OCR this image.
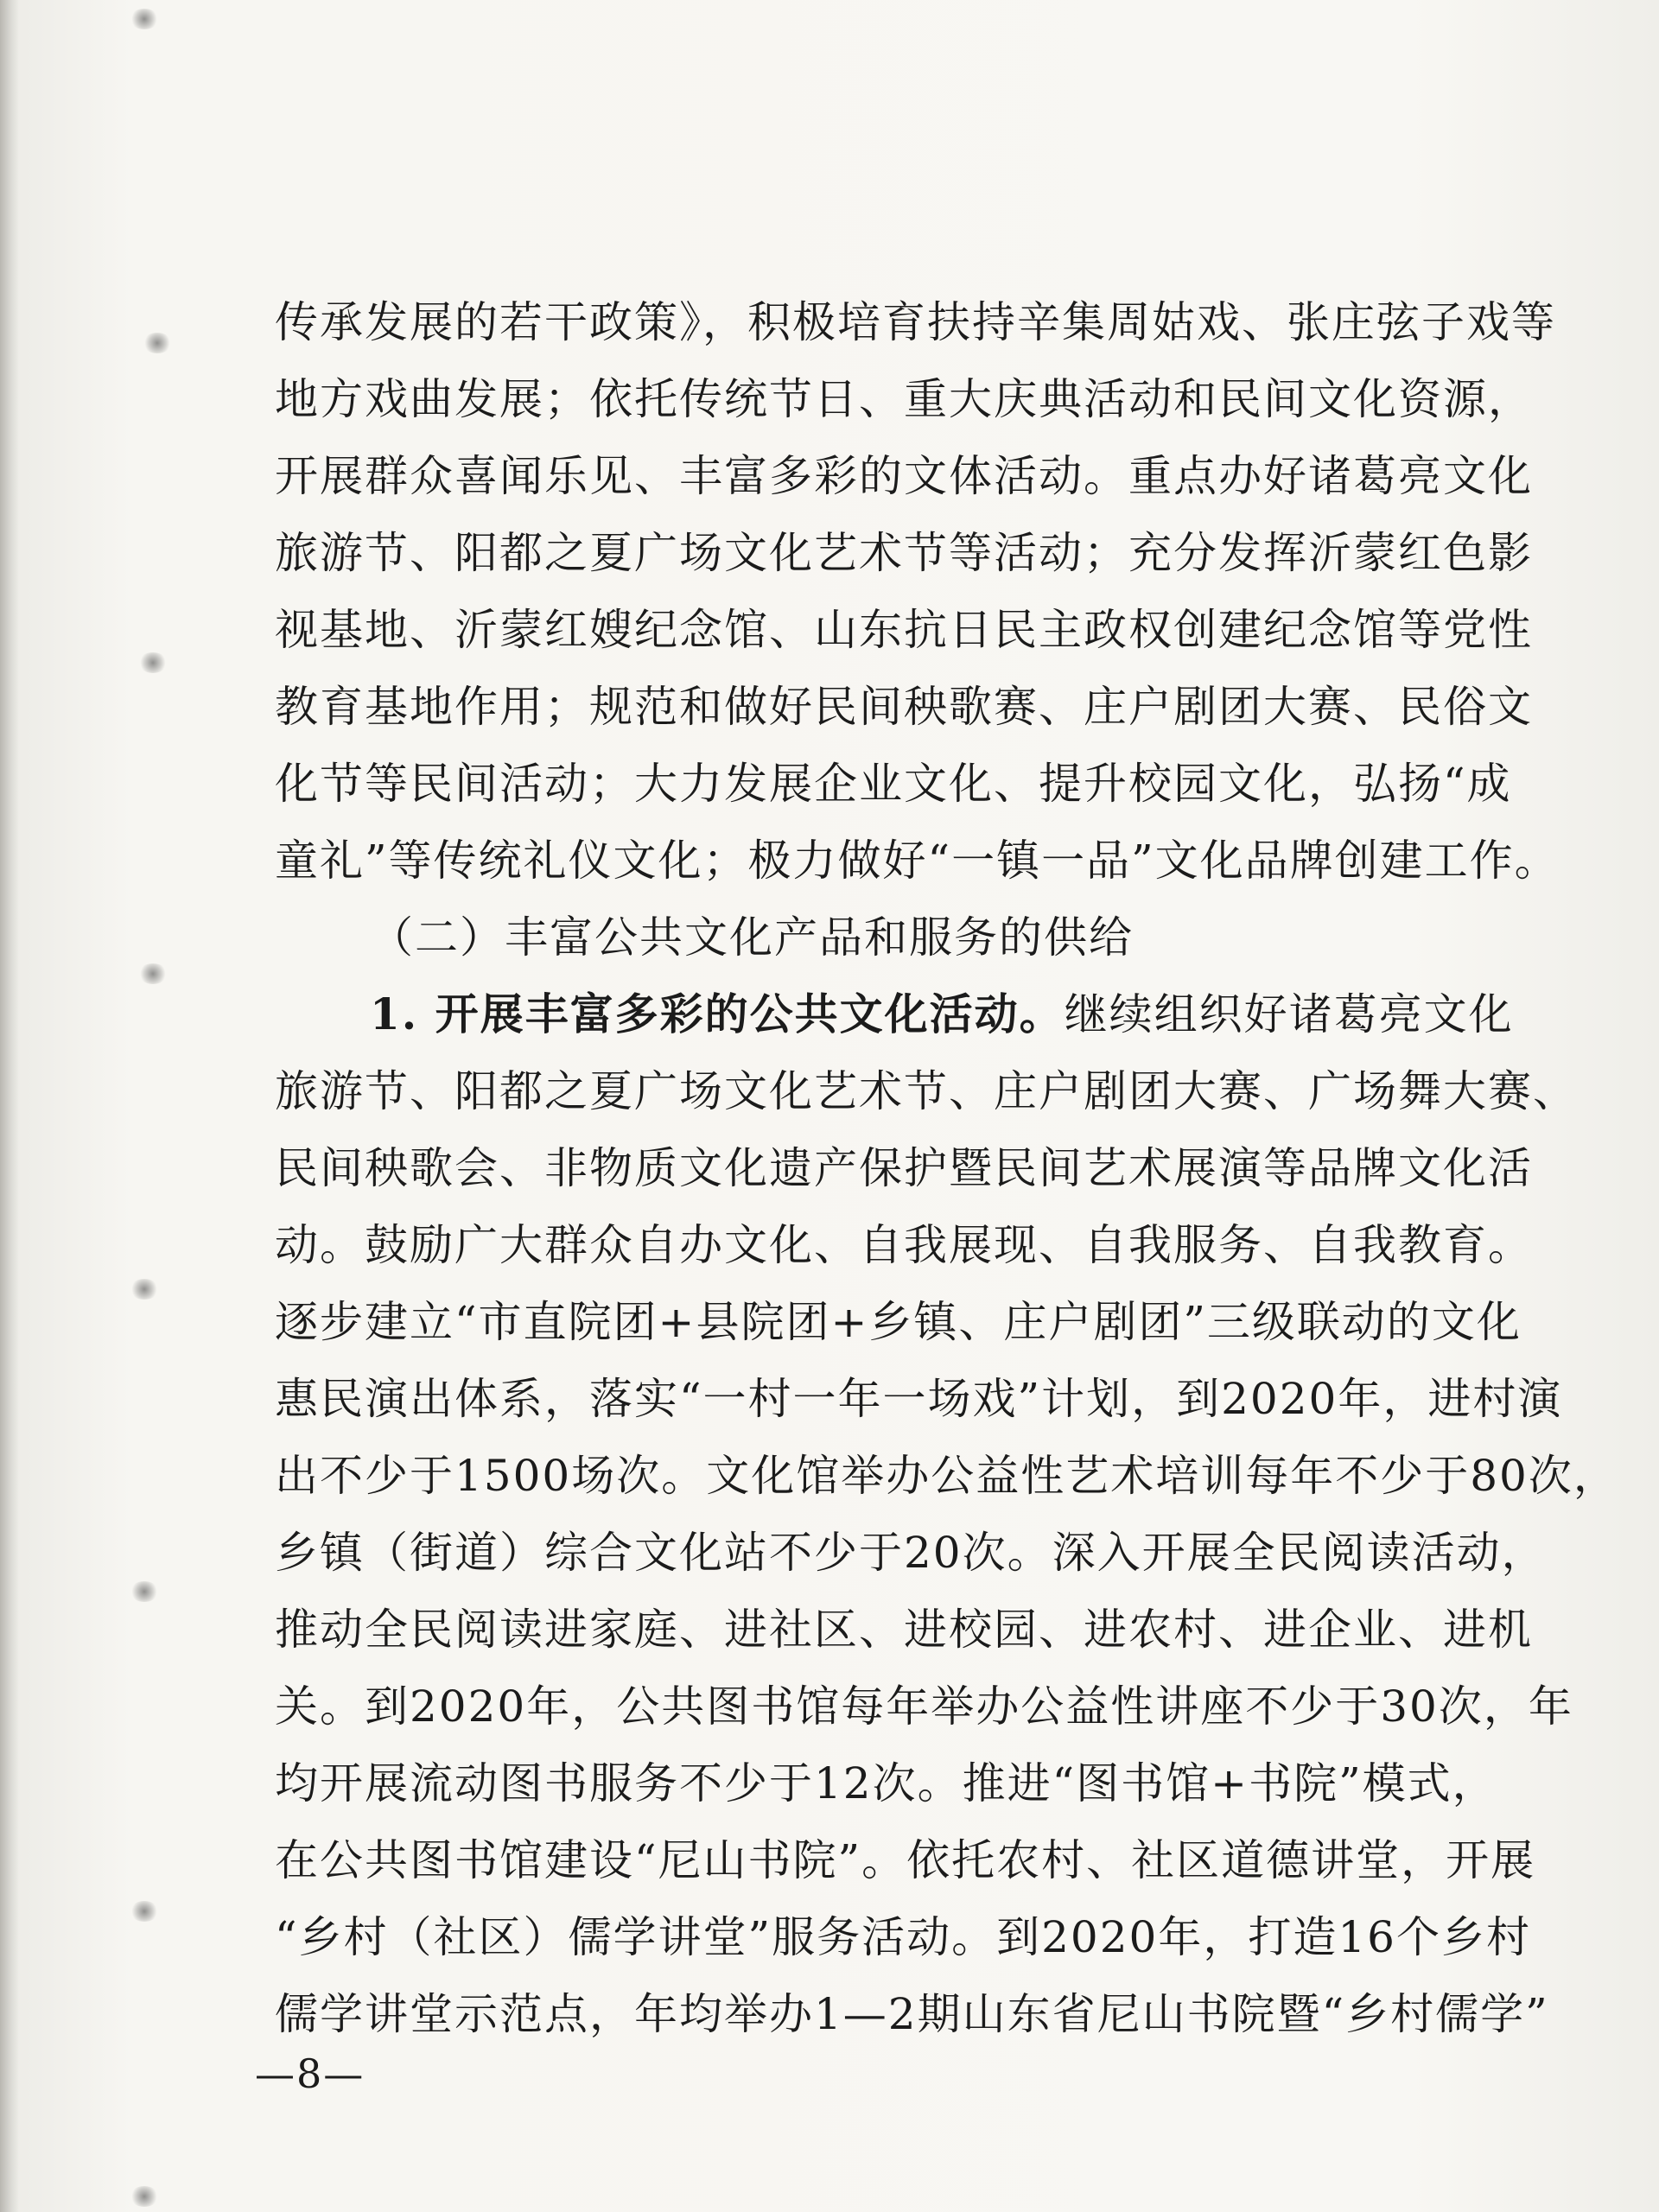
传承发展的若干政策》，积极培育扶持辛集周姑戏、张庄弦子戏等
地方戏曲发展；依托传统节日、重大庆典活动和民间文化资源，
开展群众喜闻乐见、丰富多彩的文体活动。重点办好诸葛亮文化
旅游节、阳都之夏广场文化艺术节等活动；充分发挥沂蒙红色影
视基地、沂蒙红嫂纪念馆、山东抗日民主政权创建纪念馆等党性
教育基地作用；规范和做好民间秧歌赛、庄户剧团大赛、民俗文
化节等民间活动；大力发展企业文化、提升校园文化，弘扬“成
童礼”等传统礼仪文化；极力做好“一镇一品”文化品牌创建工作。
（二）丰富公共文化产品和服务的供给
1. 开展丰富多彩的公共文化活动。继续组织好诸葛亮文化
旅游节、阳都之夏广场文化艺术节、庄户剧团大赛、广场舞大赛、
民间秧歌会、非物质文化遗产保护暨民间艺术展演等品牌文化活
动。鼓励广大群众自办文化、自我展现、自我服务、自我教育。
逐步建立“市直院团+县院团+乡镇、庄户剧团”三级联动的文化
惠民演出体系，落实“一村一年一场戏”计划，到2020年，进村演
出不少于1500场次。文化馆举办公益性艺术培训每年不少于80次，
乡镇（街道）综合文化站不少于20次。深入开展全民阅读活动，
推动全民阅读进家庭、进社区、进校园、进农村、进企业、进机
关。到2020年，公共图书馆每年举办公益性讲座不少于30次，年
均开展流动图书服务不少于12次。推进“图书馆+书院”模式，
在公共图书馆建设“尼山书院”。依托农村、社区道德讲堂，开展
“乡村（社区）儒学讲堂”服务活动。到2020年，打造16个乡村
儒学讲堂示范点，年均举办1—2期山东省尼山书院暨“乡村儒学”
—8—
